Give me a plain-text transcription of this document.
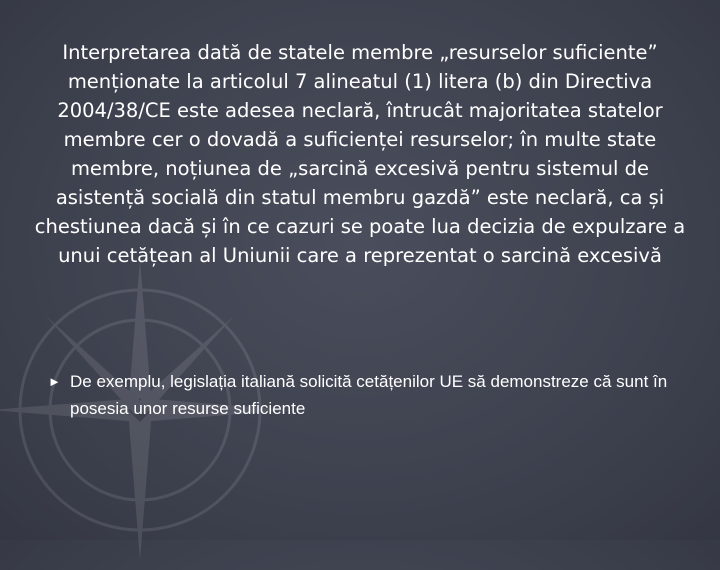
Interpretarea dată de statele membre „resurselor suficiente” menționate la articolul 7 alineatul (1) litera (b) din Directiva 2004/38/CE este adesea neclară, întrucât majoritatea statelor membre cer o dovadă a suficienței resurselor; în multe state membre, noțiunea de „sarcină excesivă pentru sistemul de asistență socială din statul membru gazdă” este neclară, ca și chestiunea dacă și în ce cazuri se poate lua decizia de expulzare a unui cetățean al Uniunii care a reprezentat o sarcină excesivă

► De exemplu, legislația italiană solicită cetățenilor UE să demonstreze că sunt în posesia unor resurse suficiente
